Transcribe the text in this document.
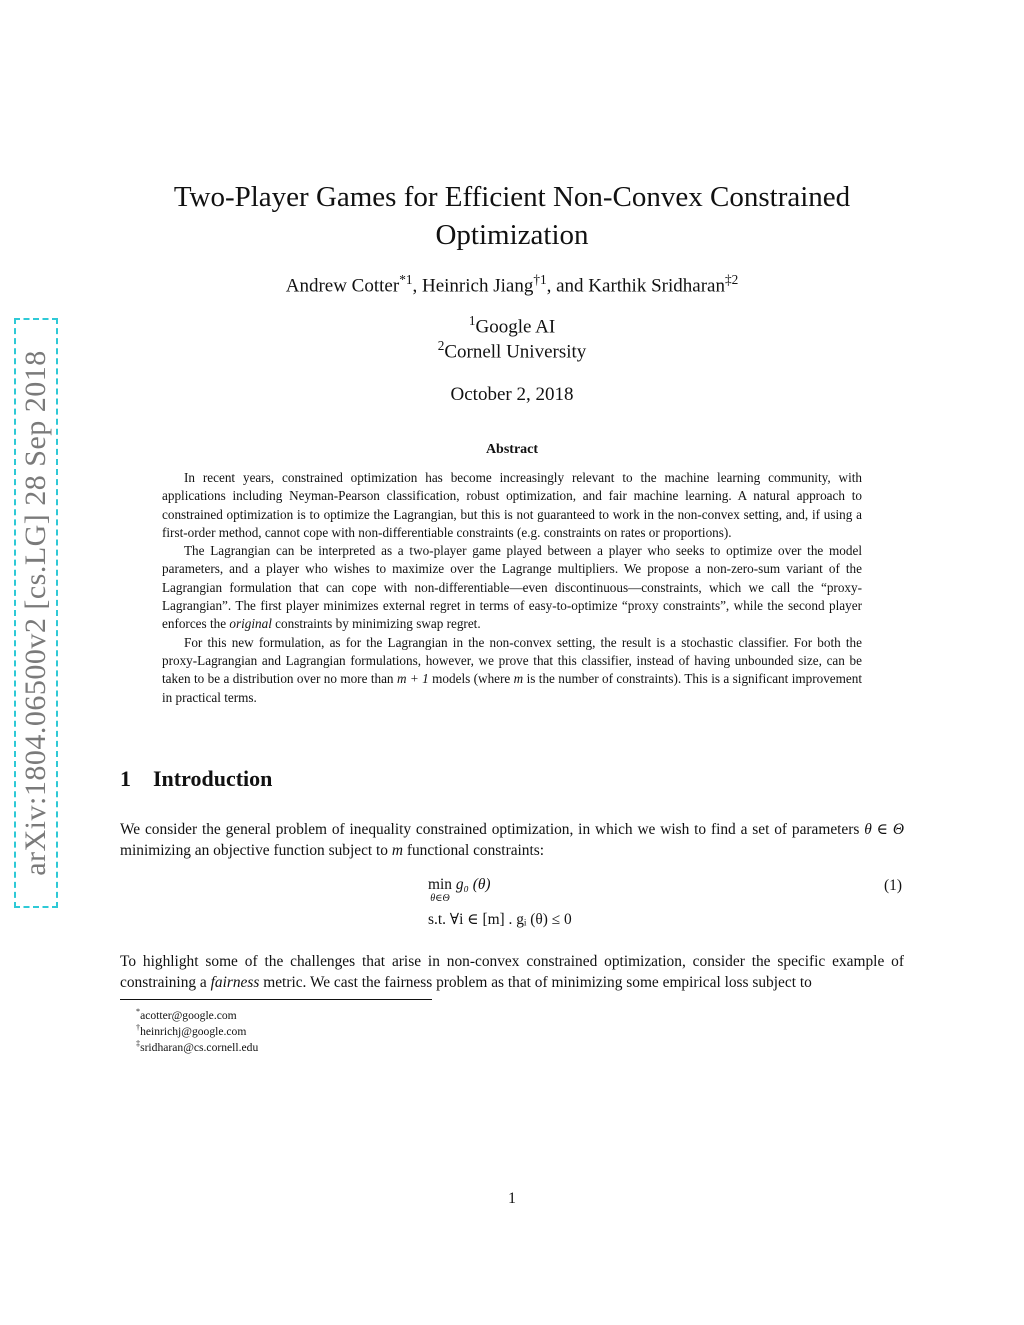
arXiv:1804.06500v2 [cs.LG] 28 Sep 2018
Two-Player Games for Efficient Non-Convex Constrained
Optimization
Andrew Cotter$^{*1}$, Heinrich Jiang$^{\dagger 1}$, and Karthik Sridharan$^{\ddagger 2}$
$^1$Google AI
$^2$Cornell University
October 2, 2018
Abstract

In recent years, constrained optimization has become increasingly relevant to the machine learning community, with applications including Neyman-Pearson classification, robust optimization, and fair machine learning. A natural approach to constrained optimization is to optimize the Lagrangian, but this is not guaranteed to work in the non-convex setting, and, if using a first-order method, cannot cope with non-differentiable constraints (e.g. constraints on rates or proportions).

The Lagrangian can be interpreted as a two-player game played between a player who seeks to optimize over the model parameters, and a player who wishes to maximize over the Lagrange multipliers. We propose a non-zero-sum variant of the Lagrangian formulation that can cope with non-differentiable—even discontinuous—constraints, which we call the “proxy-Lagrangian”. The first player minimizes external regret in terms of easy-to-optimize “proxy constraints”, while the second player enforces the original constraints by minimizing swap regret.

For this new formulation, as for the Lagrangian in the non-convex setting, the result is a stochastic classifier. For both the proxy-Lagrangian and Lagrangian formulations, however, we prove that this classifier, instead of having unbounded size, can be taken to be a distribution over no more than m + 1 models (where m is the number of constraints). This is a significant improvement in practical terms.

1 Introduction

We consider the general problem of inequality constrained optimization, in which we wish to find a set of parameters θ ∈ Θ minimizing an objective function subject to m functional constraints:

min
$^{\theta\in\Theta}$ g₀ (θ)
s.t. ∀i ∈ [m] . gᵢ (θ) ≤ 0
(1)

To highlight some of the challenges that arise in non-convex constrained optimization, consider the specific example of constraining a fairness metric. We cast the fairness problem as that of minimizing some empirical loss subject to

*acotter@google.com
†heinrichj@google.com
‡sridharan@cs.cornell.edu
1
